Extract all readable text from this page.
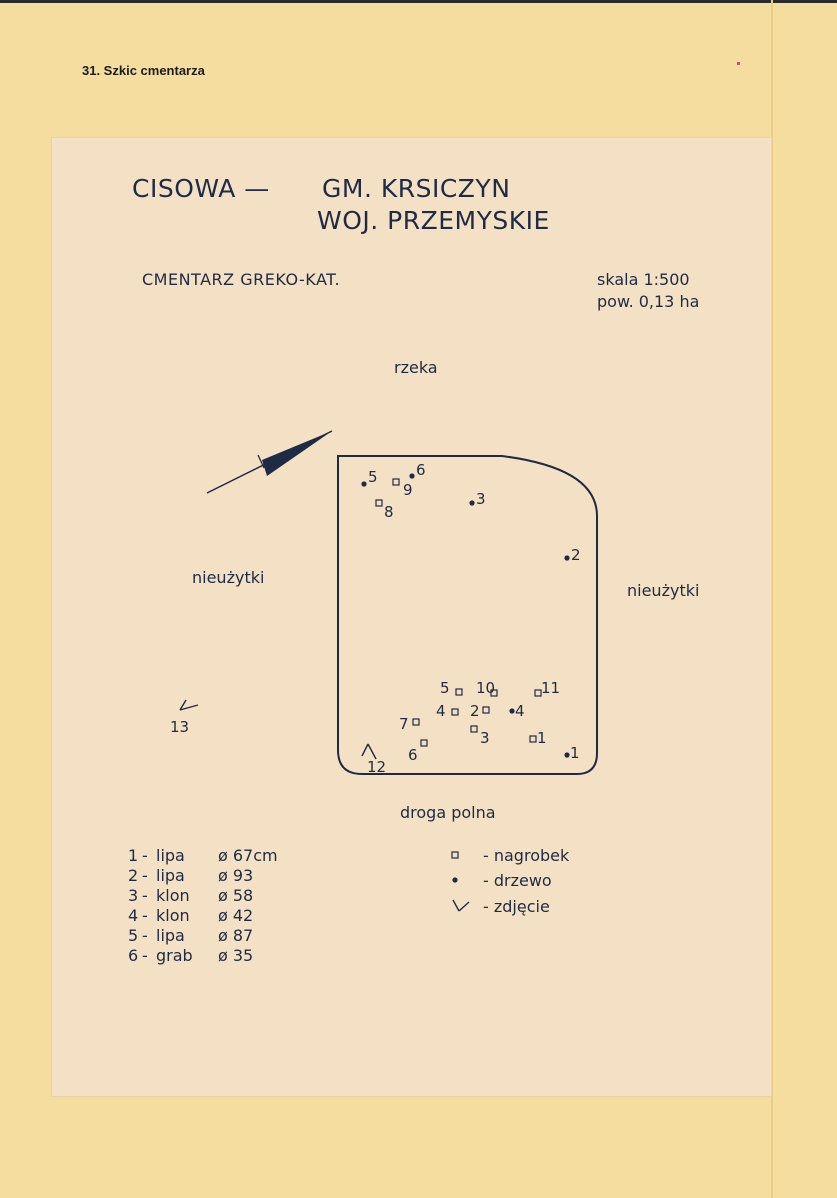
31. Szkic cmentarza
CISOWA — GM. KRSICZYN
WOJ. PRZEMYSKIE
CMENTARZ GREKO-KAT.	skala 1:500
pow. 0,13 ha
rzeka
nieużytki
nieużytki
droga polna
5	6
3
2
4
1
9
8
5 10	11
4 2
7
3	1
6
13
12
1 - lipa ø 67cm
2 - lipa ø 93
3 - klon ø 58
4 - klon ø 42
5 - lipa ø 87
6 - grab ø 35
- nagrobek
- drzewo
- zdjęcie
